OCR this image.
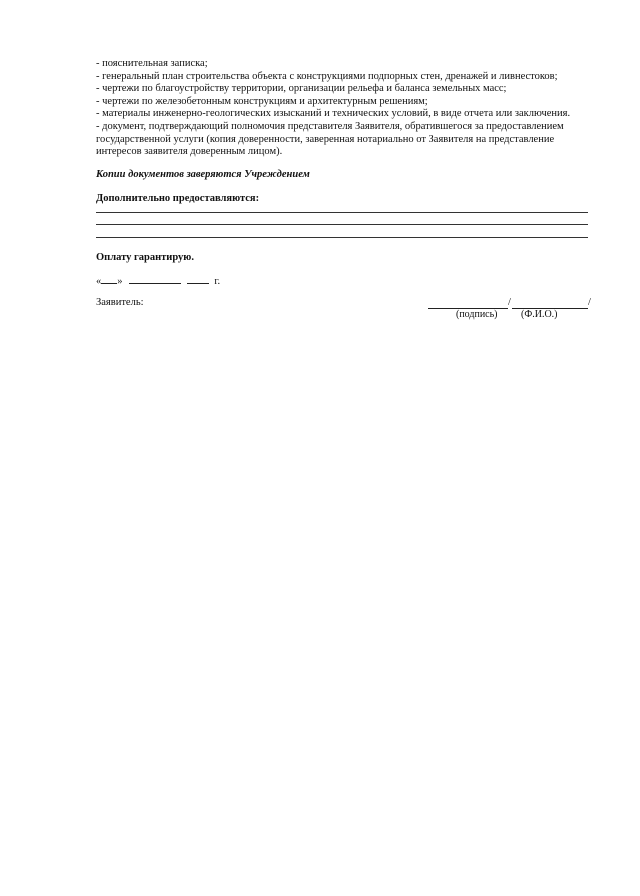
- пояснительная записка;
- генеральный план строительства объекта с конструкциями подпорных стен, дренажей и ливнестоков;
- чертежи по благоустройству территории, организации рельефа и баланса земельных масс;
- чертежи по железобетонным конструкциям и архитектурным решениям;
- материалы инженерно-геологических изысканий и технических условий, в виде отчета или заключения.
- документ, подтверждающий полномочия представителя Заявителя, обратившегося за предоставлением
государственной услуги (копия доверенности, заверенная нотариально от Заявителя на представление
интересов заявителя доверенным лицом).
Копии документов заверяются Учреждением
Дополнительно предоставляются:
Оплату гарантирую.
« »	г.
Заявитель:	/	/
(подпись) (Ф.И.О.)
